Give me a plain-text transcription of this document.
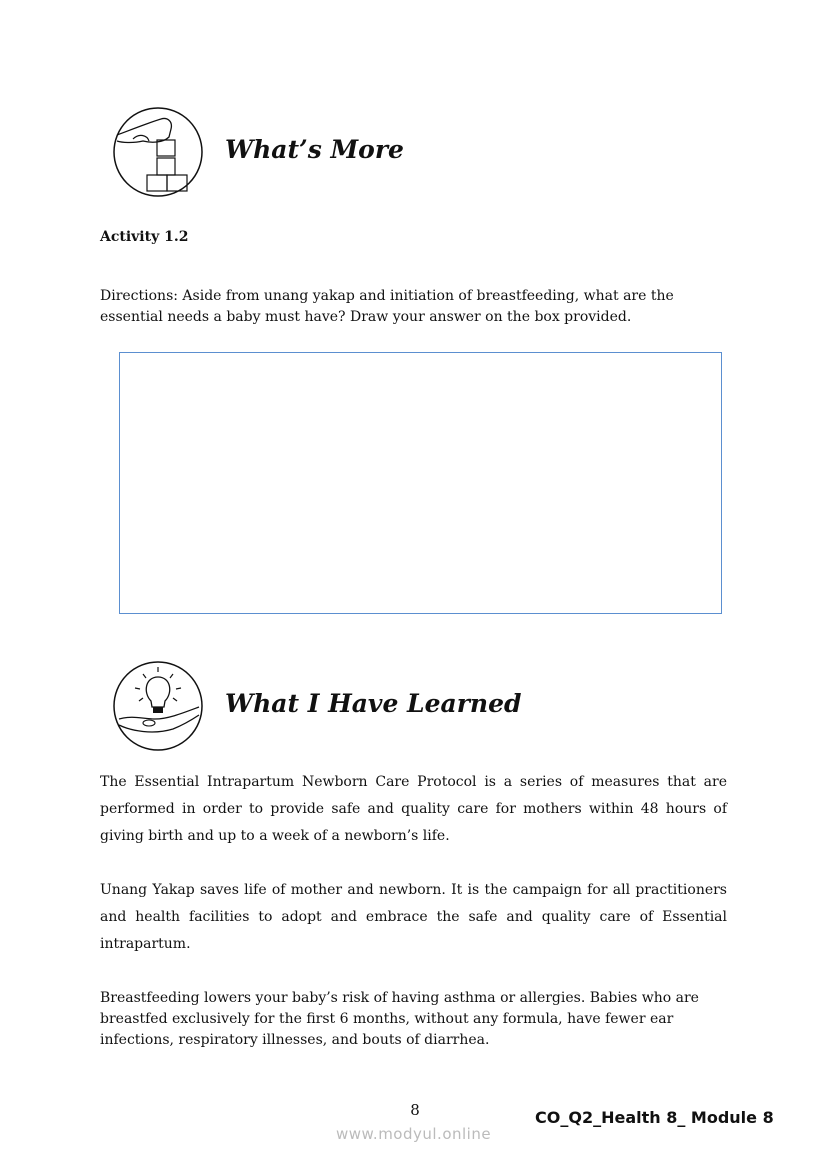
What’s More
Activity 1.2
Directions: Aside from unang yakap and initiation of breastfeeding, what are the essential needs a baby must have? Draw your answer on the box provided.
What I Have Learned
The Essential Intrapartum Newborn Care Protocol is a series of measures that are performed in order to provide safe and quality care for mothers within 48 hours of giving birth and up to a week of a newborn’s life.
Unang Yakap saves life of mother and newborn. It is the campaign for all practitioners and health facilities to adopt and embrace the safe and quality care of Essential intrapartum.
Breastfeeding lowers your baby’s risk of having asthma or allergies. Babies who are breastfed exclusively for the first 6 months, without any formula, have fewer ear infections, respiratory illnesses, and bouts of diarrhea.
8
www.modyul.online
CO_Q2_Health 8_ Module 8
